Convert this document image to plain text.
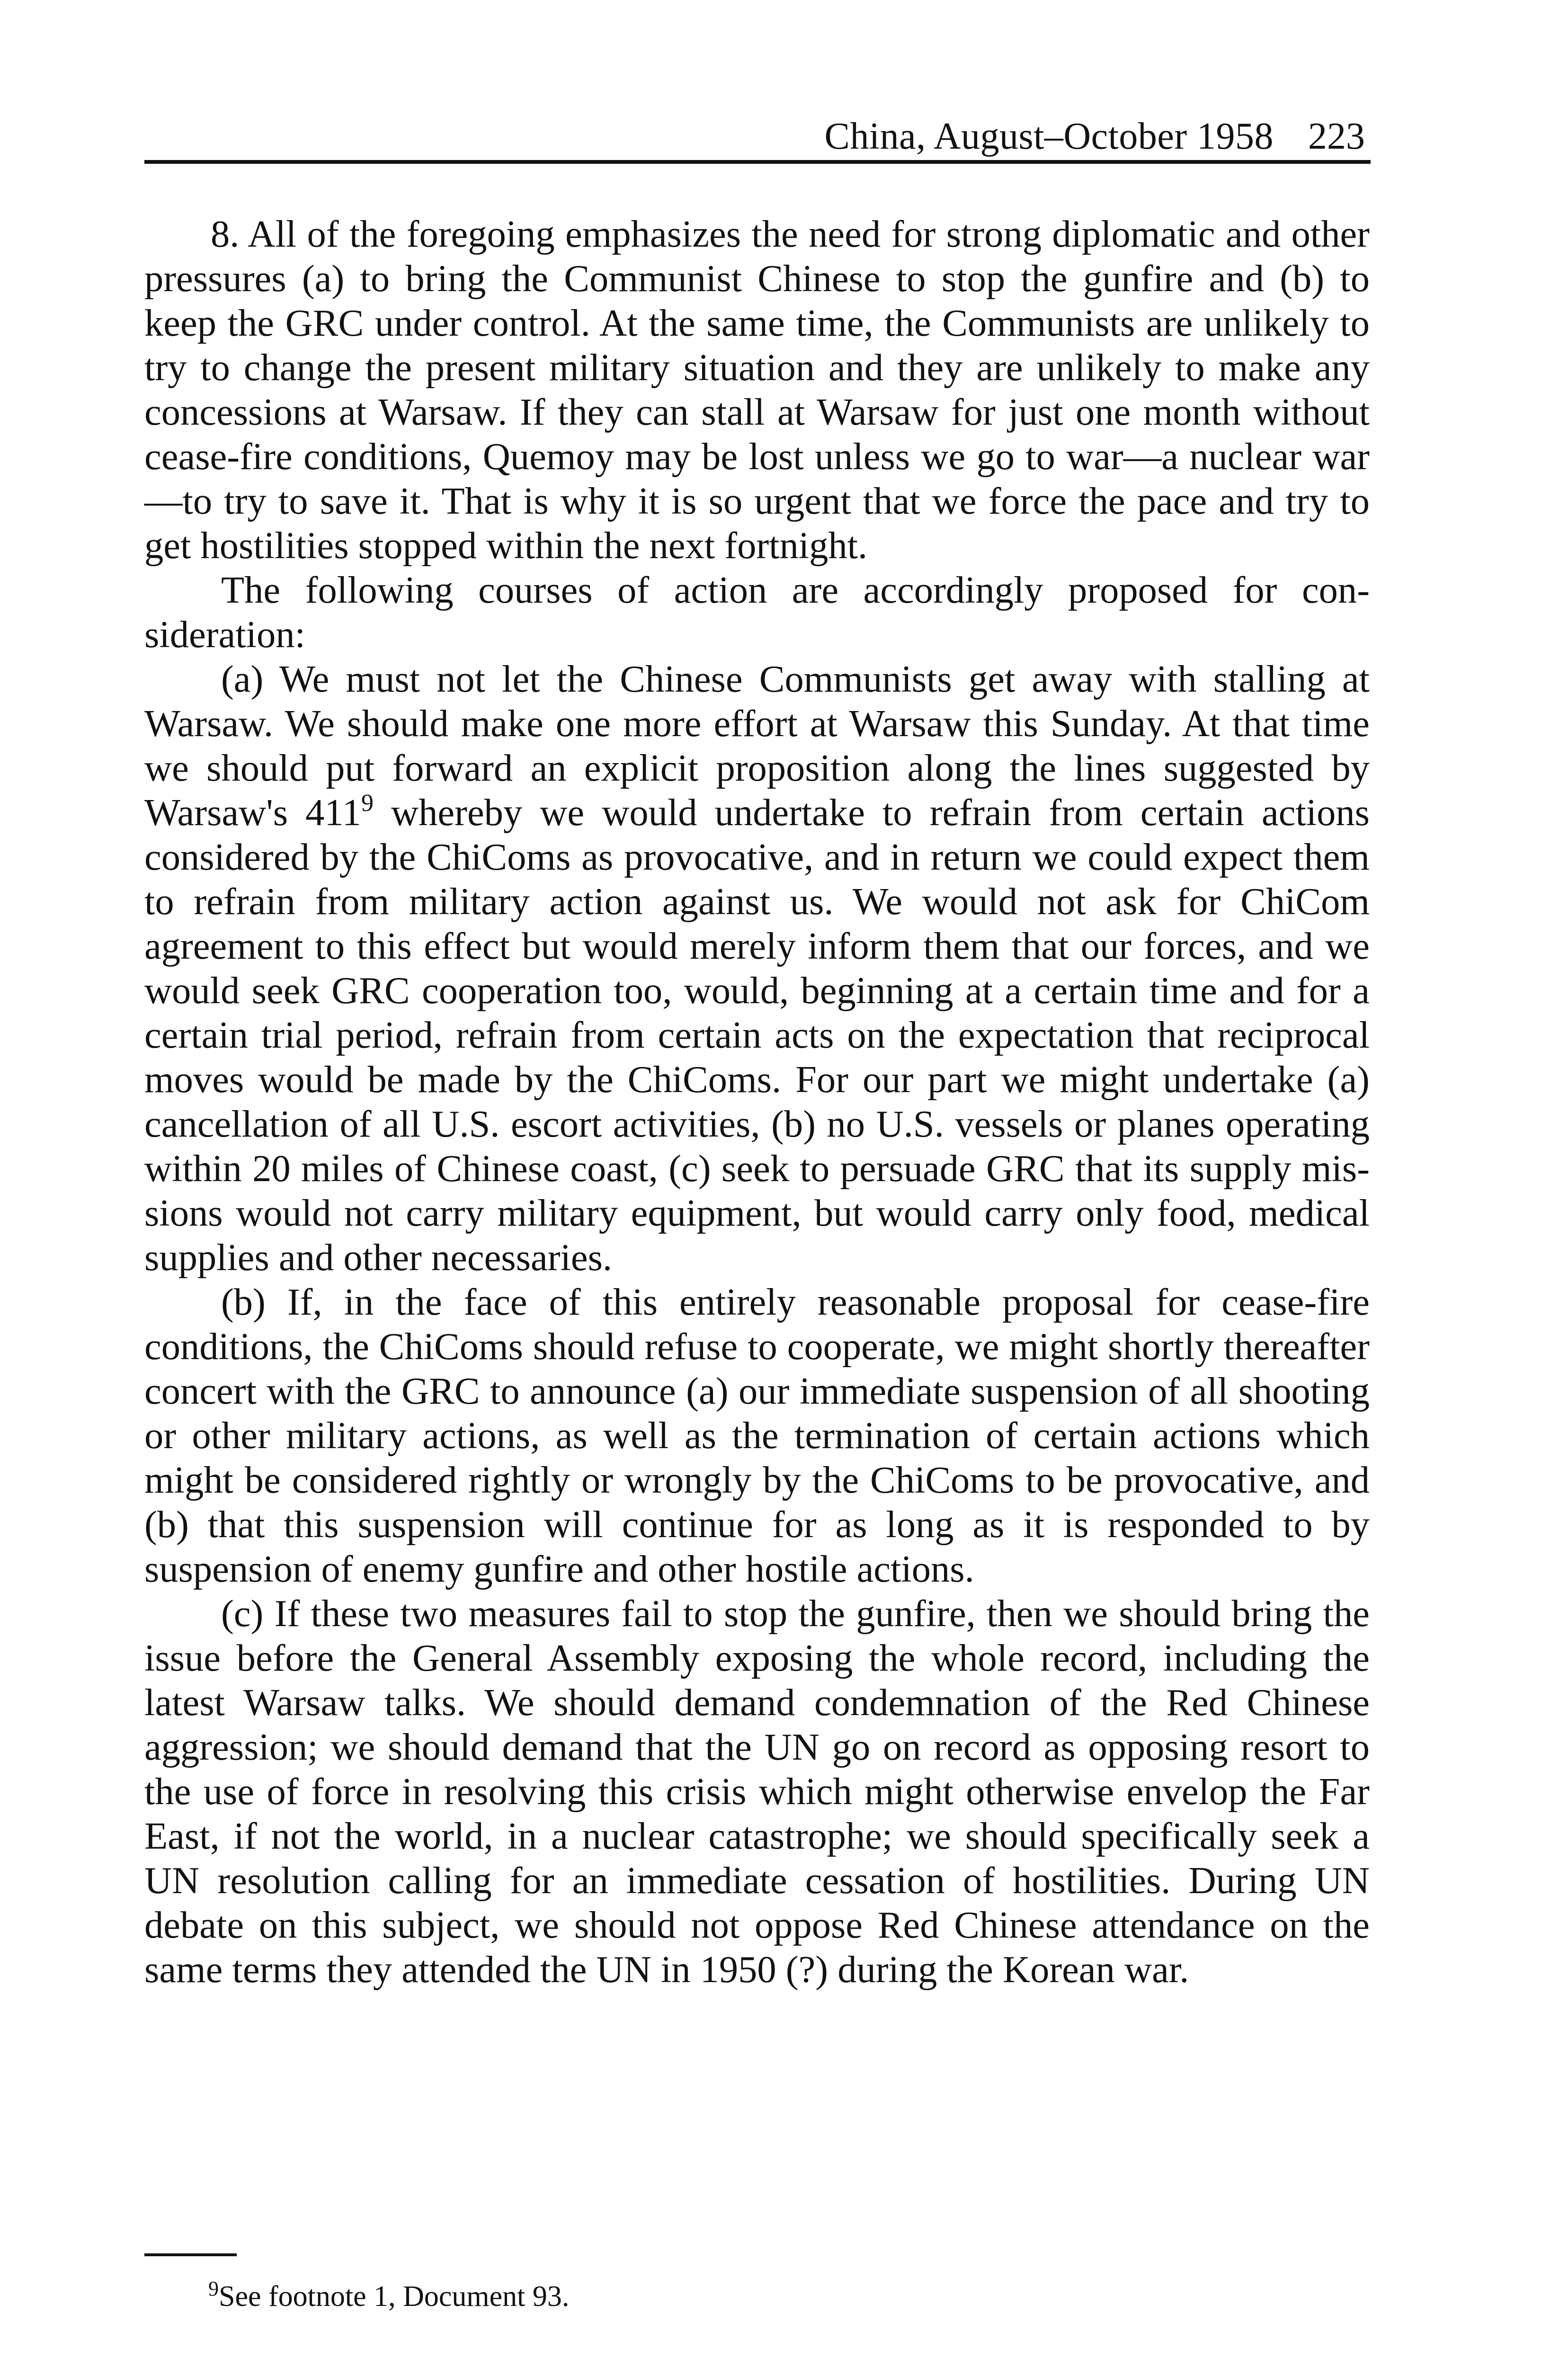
China, August–October 1958 223

8. All of the foregoing emphasizes the need for strong diplomatic and other pressures (a) to bring the Communist Chinese to stop the gunfire and (b) to keep the GRC under control. At the same time, the Communists are unlikely to try to change the present military situation and they are unlikely to make any concessions at Warsaw. If they can stall at Warsaw for just one month without cease-fire conditions, Quemoy may be lost unless we go to war—a nuclear war—to try to save it. That is why it is so urgent that we force the pace and try to get hostilities stopped within the next fortnight.

The following courses of action are accordingly proposed for consideration:

(a) We must not let the Chinese Communists get away with stalling at Warsaw. We should make one more effort at Warsaw this Sunday. At that time we should put forward an explicit proposition along the lines suggested by Warsaw's 411$^9$ whereby we would undertake to refrain from certain actions considered by the ChiComs as provocative, and in return we could expect them to refrain from military action against us. We would not ask for ChiCom agreement to this effect but would merely inform them that our forces, and we would seek GRC cooperation too, would, beginning at a certain time and for a certain trial period, refrain from certain acts on the expectation that reciprocal moves would be made by the ChiComs. For our part we might undertake (a) cancellation of all U.S. escort activities, (b) no U.S. vessels or planes operating within 20 miles of Chinese coast, (c) seek to persuade GRC that its supply missions would not carry military equipment, but would carry only food, medical supplies and other necessaries.

(b) If, in the face of this entirely reasonable proposal for cease-fire conditions, the ChiComs should refuse to cooperate, we might shortly thereafter concert with the GRC to announce (a) our immediate suspension of all shooting or other military actions, as well as the termination of certain actions which might be considered rightly or wrongly by the ChiComs to be provocative, and (b) that this suspension will continue for as long as it is responded to by suspension of enemy gunfire and other hostile actions.

(c) If these two measures fail to stop the gunfire, then we should bring the issue before the General Assembly exposing the whole record, including the latest Warsaw talks. We should demand condemnation of the Red Chinese aggression; we should demand that the UN go on record as opposing resort to the use of force in resolving this crisis which might otherwise envelop the Far East, if not the world, in a nuclear catastrophe; we should specifically seek a UN resolution calling for an immediate cessation of hostilities. During UN debate on this subject, we should not oppose Red Chinese attendance on the same terms they attended the UN in 1950 (?) during the Korean war.

$^9$See footnote 1, Document 93.
